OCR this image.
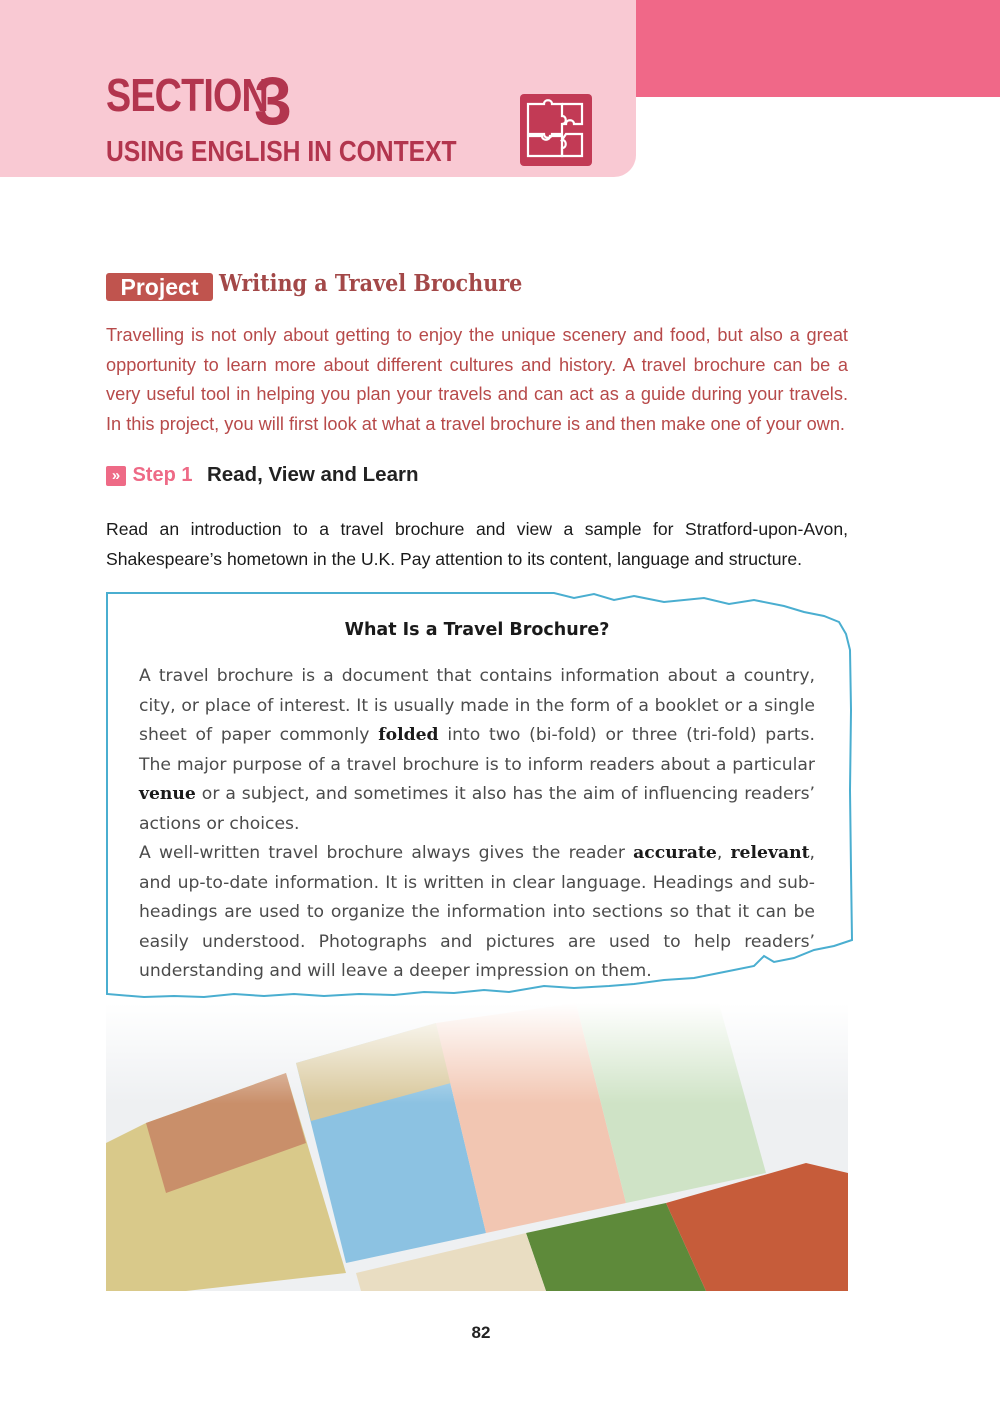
SECTION
3
USING ENGLISH IN CONTEXT
Project Writing a Travel Brochure
Travelling is not only about getting to enjoy the unique scenery and food, but also a great opportunity to learn more about different cultures and history. A travel brochure can be a very useful tool in helping you plan your travels and can act as a guide during your travels. In this project, you will first look at what a travel brochure is and then make one of your own.
» Step 1 Read, View and Learn
Read an introduction to a travel brochure and view a sample for Stratford-upon-Avon, Shakespeare’s hometown in the U.K. Pay attention to its content, language and structure.
What Is a Travel Brochure?

A travel brochure is a document that contains information about a country, city, or place of interest. It is usually made in the form of a booklet or a single sheet of paper commonly folded into two (bi-fold) or three (tri-fold) parts. The major purpose of a travel brochure is to inform readers about a particular venue or a subject, and sometimes it also has the aim of influencing readers’ actions or choices.

A well-written travel brochure always gives the reader accurate, relevant, and up-to-date information. It is written in clear language. Headings and sub-headings are used to organize the information into sections so that it can be easily understood. Photographs and pictures are used to help readers’ understanding and will leave a deeper impression on them.

82
